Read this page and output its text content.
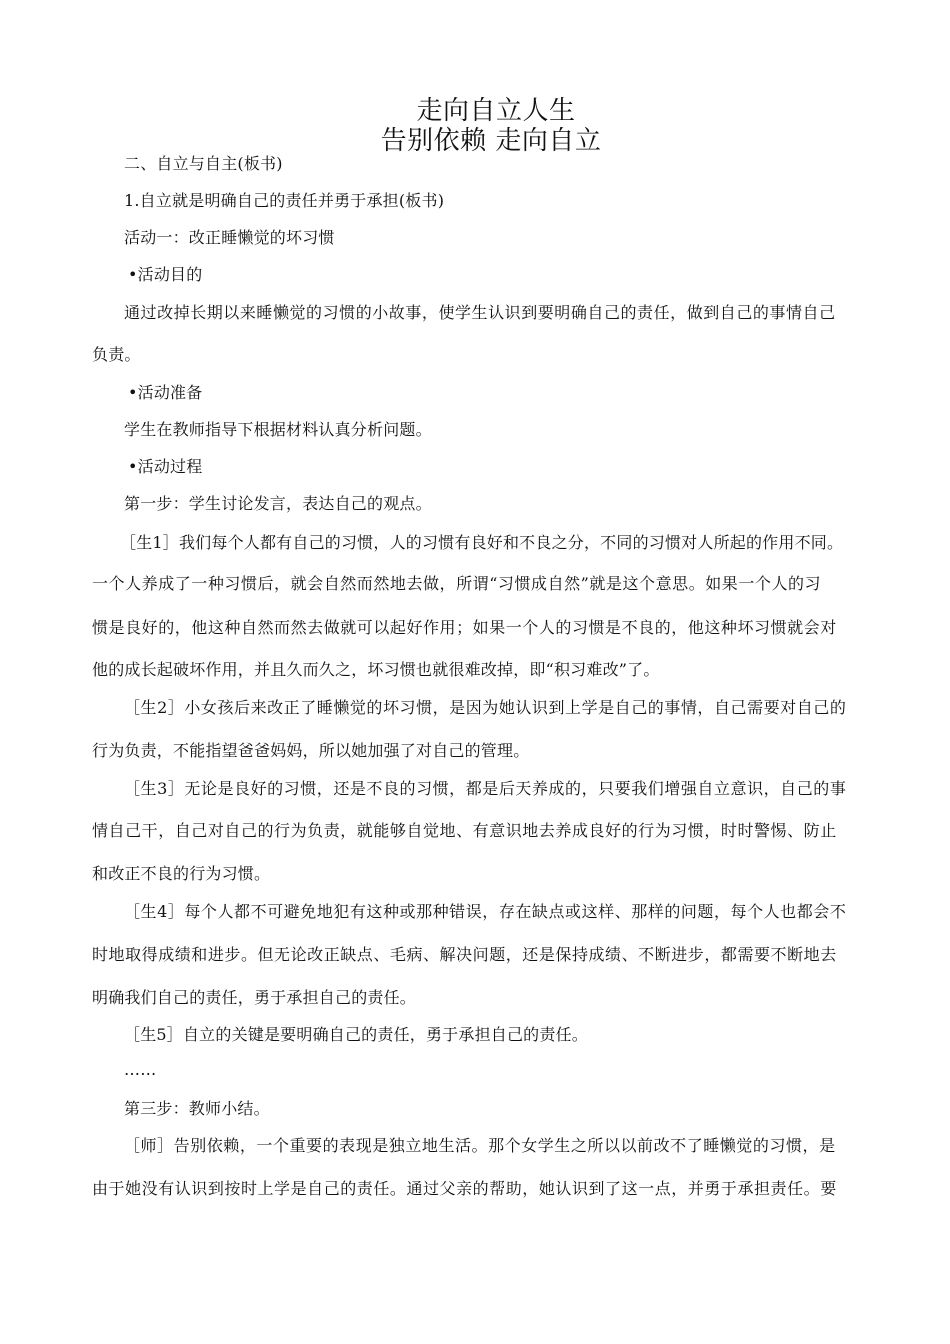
走向自立人生
告别依赖 走向自立
二、自立与自主(板书)
1.自立就是明确自己的责任并勇于承担(板书)
活动一：改正睡懒觉的坏习惯
•活动目的
通过改掉长期以来睡懒觉的习惯的小故事，使学生认识到要明确自己的责任，做到自己的事情自己
负责。
•活动准备
学生在教师指导下根据材料认真分析问题。
•活动过程
第一步：学生讨论发言，表达自己的观点。
［生1］我们每个人都有自己的习惯，人的习惯有良好和不良之分，不同的习惯对人所起的作用不同。
一个人养成了一种习惯后，就会自然而然地去做，所谓“习惯成自然”就是这个意思。如果一个人的习
惯是良好的，他这种自然而然去做就可以起好作用；如果一个人的习惯是不良的，他这种坏习惯就会对
他的成长起破坏作用，并且久而久之，坏习惯也就很难改掉，即“积习难改”了。
［生2］小女孩后来改正了睡懒觉的坏习惯，是因为她认识到上学是自己的事情，自己需要对自己的
行为负责，不能指望爸爸妈妈，所以她加强了对自己的管理。
［生3］无论是良好的习惯，还是不良的习惯，都是后天养成的，只要我们增强自立意识，自己的事
情自己干，自己对自己的行为负责，就能够自觉地、有意识地去养成良好的行为习惯，时时警惕、防止
和改正不良的行为习惯。
［生4］每个人都不可避免地犯有这种或那种错误，存在缺点或这样、那样的问题，每个人也都会不
时地取得成绩和进步。但无论改正缺点、毛病、解决问题，还是保持成绩、不断进步，都需要不断地去
明确我们自己的责任，勇于承担自己的责任。
［生5］自立的关键是要明确自己的责任，勇于承担自己的责任。
……
第三步：教师小结。
［师］告别依赖，一个重要的表现是独立地生活。那个女学生之所以以前改不了睡懒觉的习惯，是
由于她没有认识到按时上学是自己的责任。通过父亲的帮助，她认识到了这一点，并勇于承担责任。要
